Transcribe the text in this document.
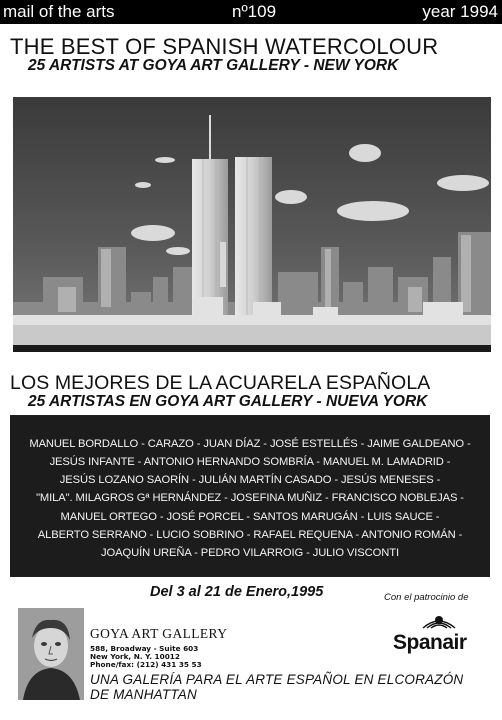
mail of the arts	nº109	year 1994
THE BEST OF SPANISH WATERCOLOUR
25 ARTISTS AT GOYA ART GALLERY - NEW YORK
LOS MEJORES DE LA ACUARELA ESPAÑOLA
25 ARTISTAS EN GOYA ART GALLERY - NUEVA YORK
MANUEL BORDALLO - CARAZO - JUAN DÍAZ - JOSÉ ESTELLÉS - JAIME GALDEANO -
JESÚS INFANTE - ANTONIO HERNANDO SOMBRÍA - MANUEL M. LAMADRID -
JESÚS LOZANO SAORÍN - JULIÁN MARTÍN CASADO - JESÚS MENESES -
"MILA". MILAGROS Gª HERNÁNDEZ - JOSEFINA MUÑIZ - FRANCISCO NOBLEJAS -
MANUEL ORTEGO - JOSÉ PORCEL - SANTOS MARUGÁN - LUIS SAUCE -
ALBERTO SERRANO - LUCIO SOBRINO - RAFAEL REQUENA - ANTONIO ROMÁN -
JOAQUÍN UREÑA - PEDRO VILARROIG - JULIO VISCONTI
Del 3 al 21 de Enero,1995	Con el patrocinio de
Spanair
GOYA ART GALLERY
588, Broadway - Suite 603
New York, N. Y. 10012
Phone/fax: (212) 431 35 53
UNA GALERÍA PARA EL ARTE ESPAÑOL EN ELCORAZÓN DE MANHATTAN
